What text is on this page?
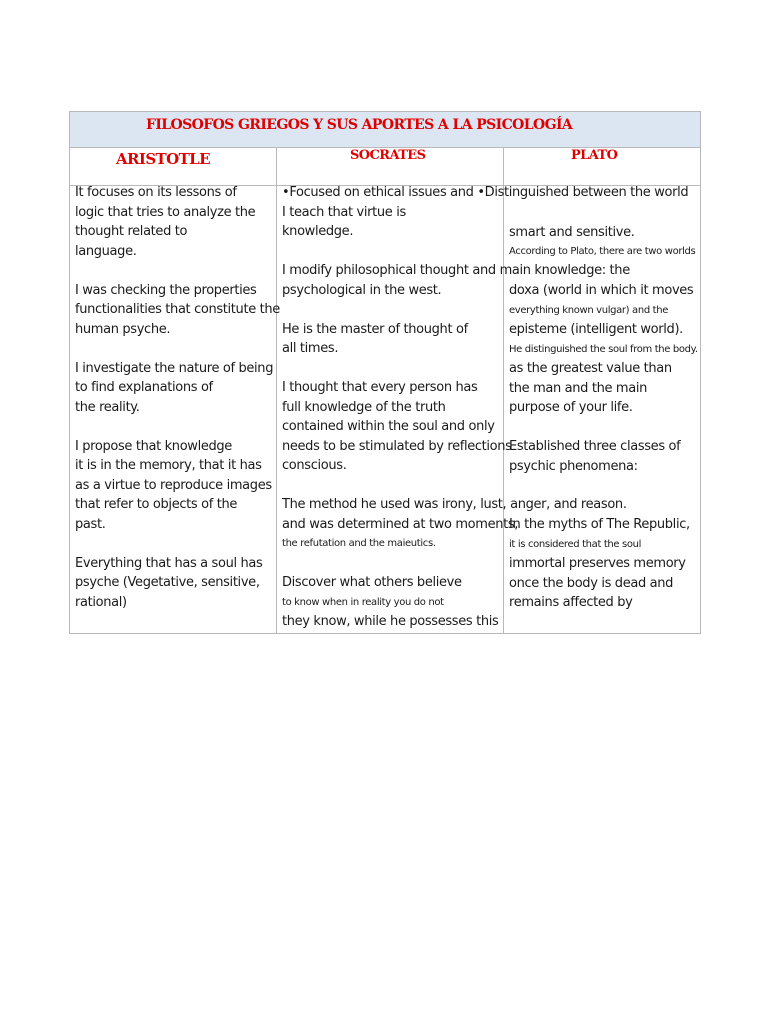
FILOSOFOS GRIEGOS Y SUS APORTES A LA PSICOLOGÍA
ARISTOTLE	SOCRATES	PLATO
It focuses on its lessons of
logic that tries to analyze the
thought related to
language.
I was checking the properties
functionalities that constitute the
human psyche.
I investigate the nature of being
to find explanations of
the reality.
I propose that knowledge
it is in the memory, that it has
as a virtue to reproduce images
that refer to objects of the
past.
Everything that has a soul has
psyche (Vegetative, sensitive,
rational)
•Focused on ethical issues and •Distinguished between the world
I teach that virtue is
knowledge.
I modify philosophical thought and main knowledge: the
psychological in the west.
He is the master of thought of
all times.
I thought that every person has
full knowledge of the truth
contained within the soul and only
needs to be stimulated by reflections
conscious.
The method he used was irony, lust, anger, and reason.
and was determined at two moments,
the refutation and the maieutics.
Discover what others believe
to know when in reality you do not
they know, while he possesses this
smart and sensitive.
According to Plato, there are two worlds
doxa (world in which it moves
everything known vulgar) and the
episteme (intelligent world).
He distinguished the soul from the body.
as the greatest value than
the man and the main
purpose of your life.
Established three classes of
psychic phenomena:
In the myths of The Republic,
it is considered that the soul
immortal preserves memory
once the body is dead and
remains affected by
